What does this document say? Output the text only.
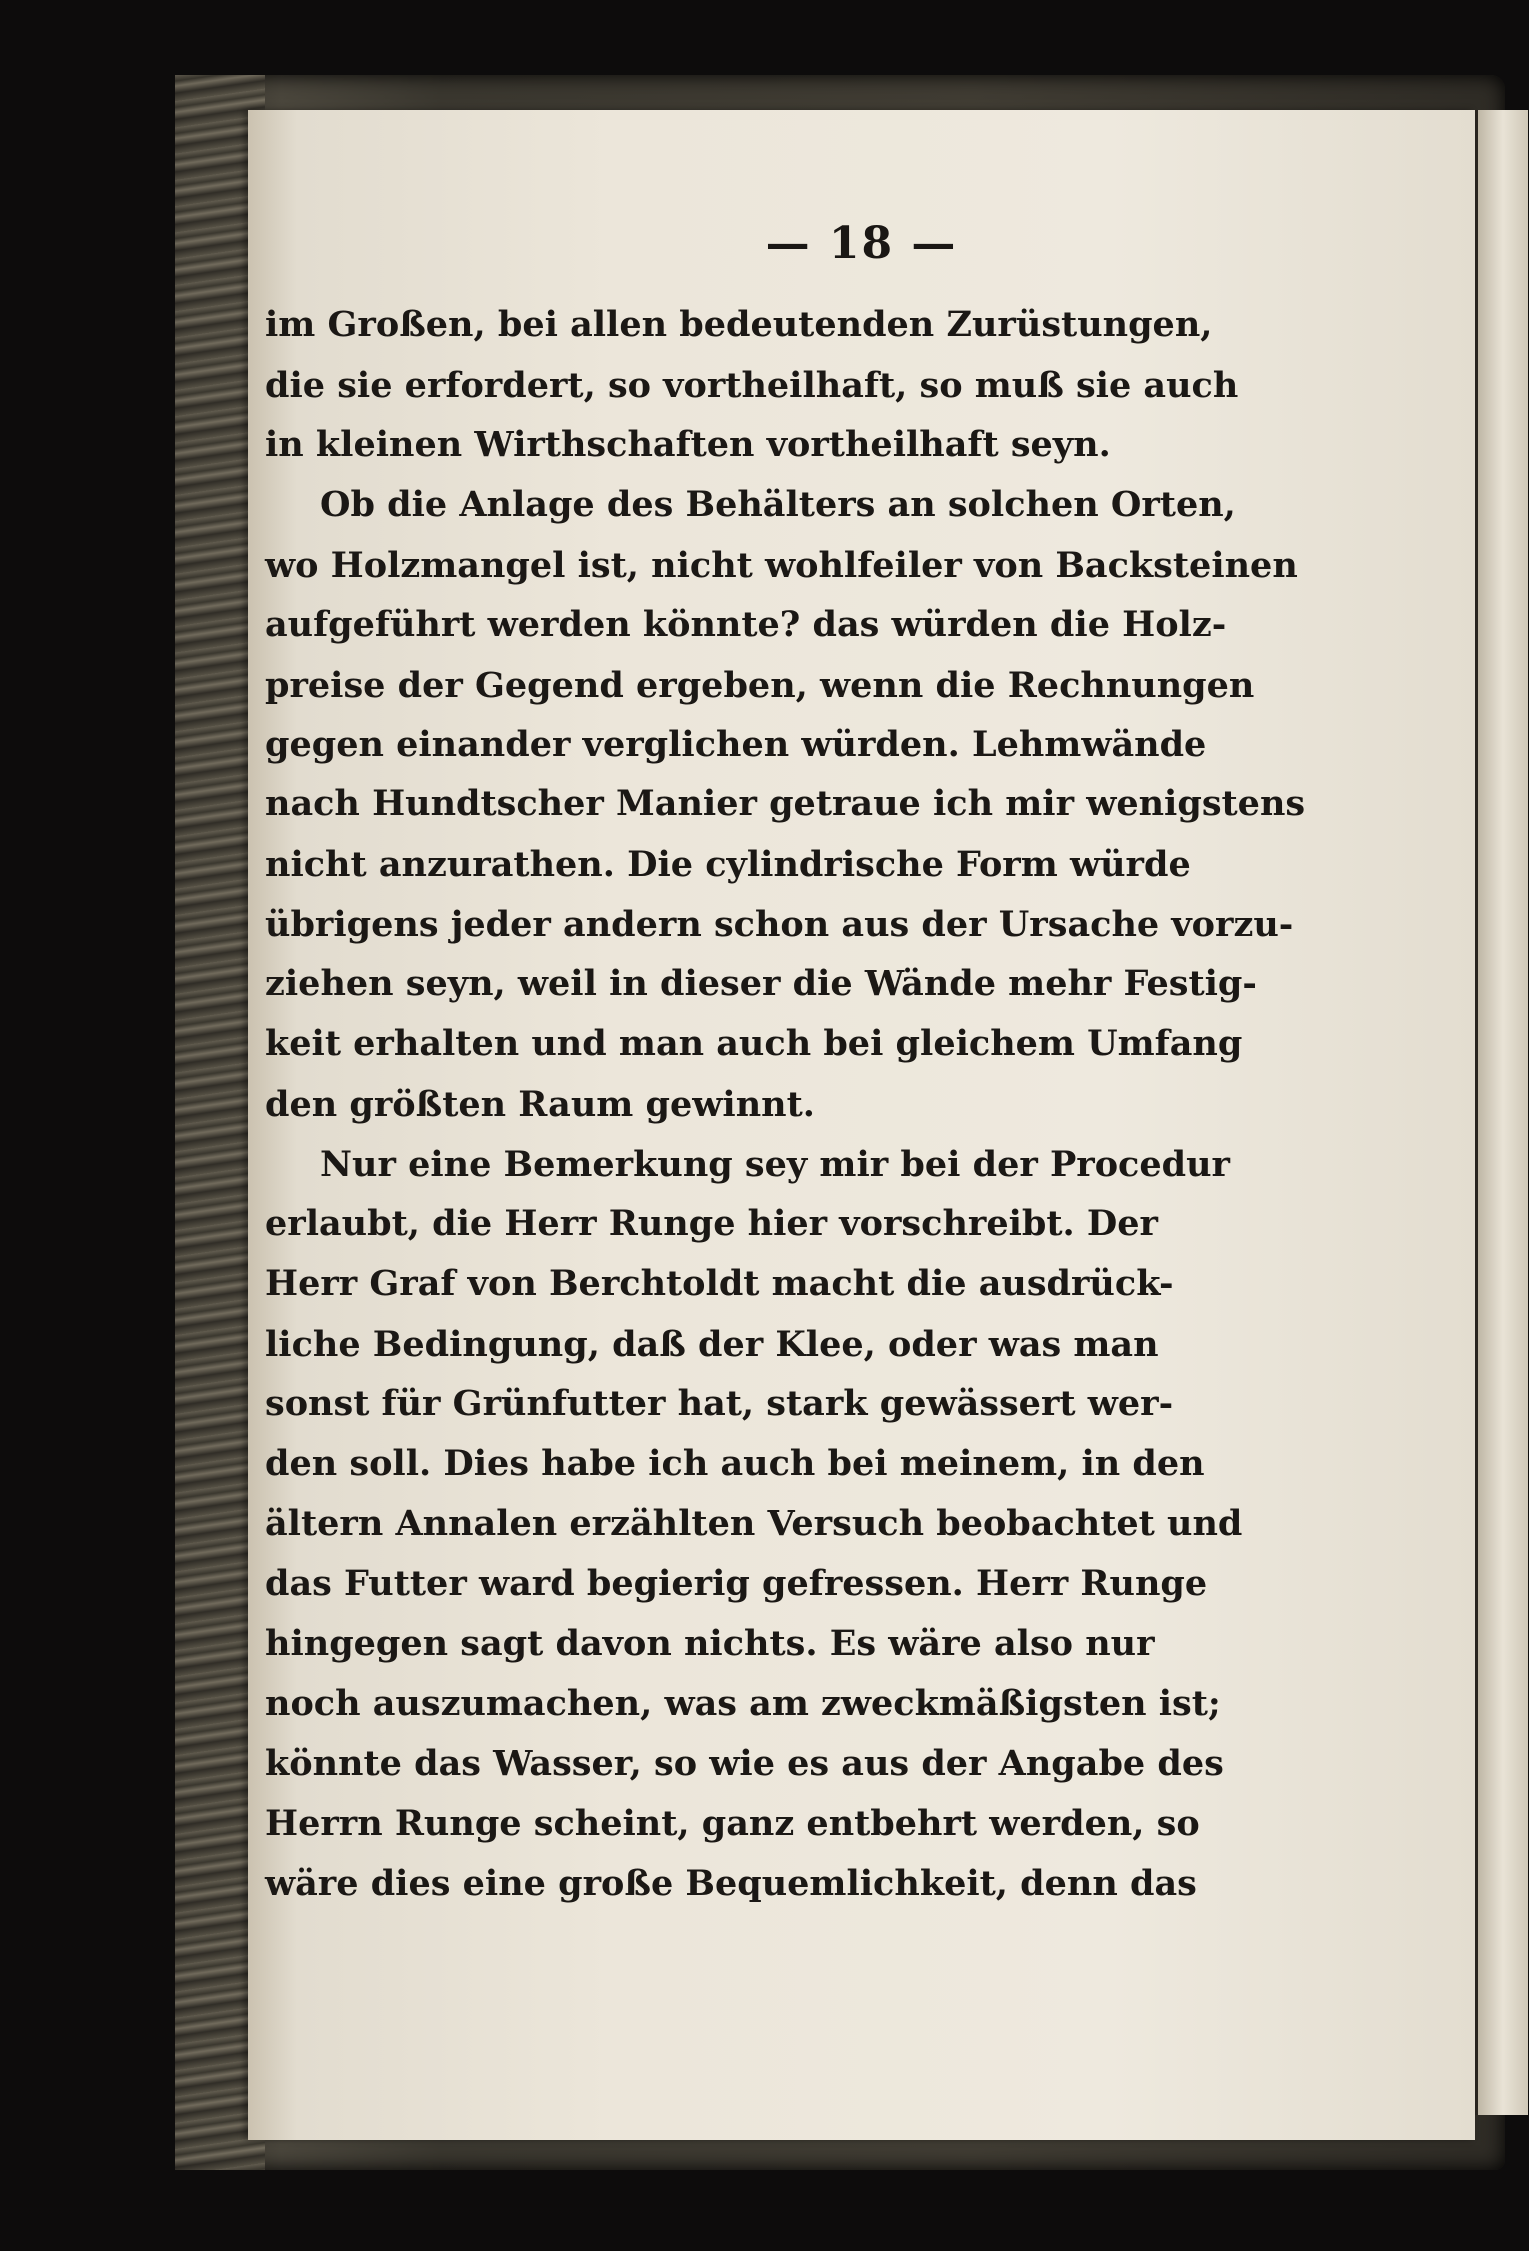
— 18 —
im Großen, bei allen bedeutenden Zurüstungen,
die sie erfordert, so vortheilhaft, so muß sie auch
in kleinen Wirthschaften vortheilhaft seyn.
Ob die Anlage des Behälters an solchen Orten,
wo Holzmangel ist, nicht wohlfeiler von Backsteinen
aufgeführt werden könnte? das würden die Holz-
preise der Gegend ergeben, wenn die Rechnungen
gegen einander verglichen würden. Lehmwände
nach Hundtscher Manier getraue ich mir wenigstens
nicht anzurathen. Die cylindrische Form würde
übrigens jeder andern schon aus der Ursache vorzu-
ziehen seyn, weil in dieser die Wände mehr Festig-
keit erhalten und man auch bei gleichem Umfang
den größten Raum gewinnt.
Nur eine Bemerkung sey mir bei der Procedur
erlaubt, die Herr Runge hier vorschreibt. Der
Herr Graf von Berchtoldt macht die ausdrück-
liche Bedingung, daß der Klee, oder was man
sonst für Grünfutter hat, stark gewässert wer-
den soll. Dies habe ich auch bei meinem, in den
ältern Annalen erzählten Versuch beobachtet und
das Futter ward begierig gefressen. Herr Runge
hingegen sagt davon nichts. Es wäre also nur
noch auszumachen, was am zweckmäßigsten ist;
könnte das Wasser, so wie es aus der Angabe des
Herrn Runge scheint, ganz entbehrt werden, so
wäre dies eine große Bequemlichkeit, denn das
